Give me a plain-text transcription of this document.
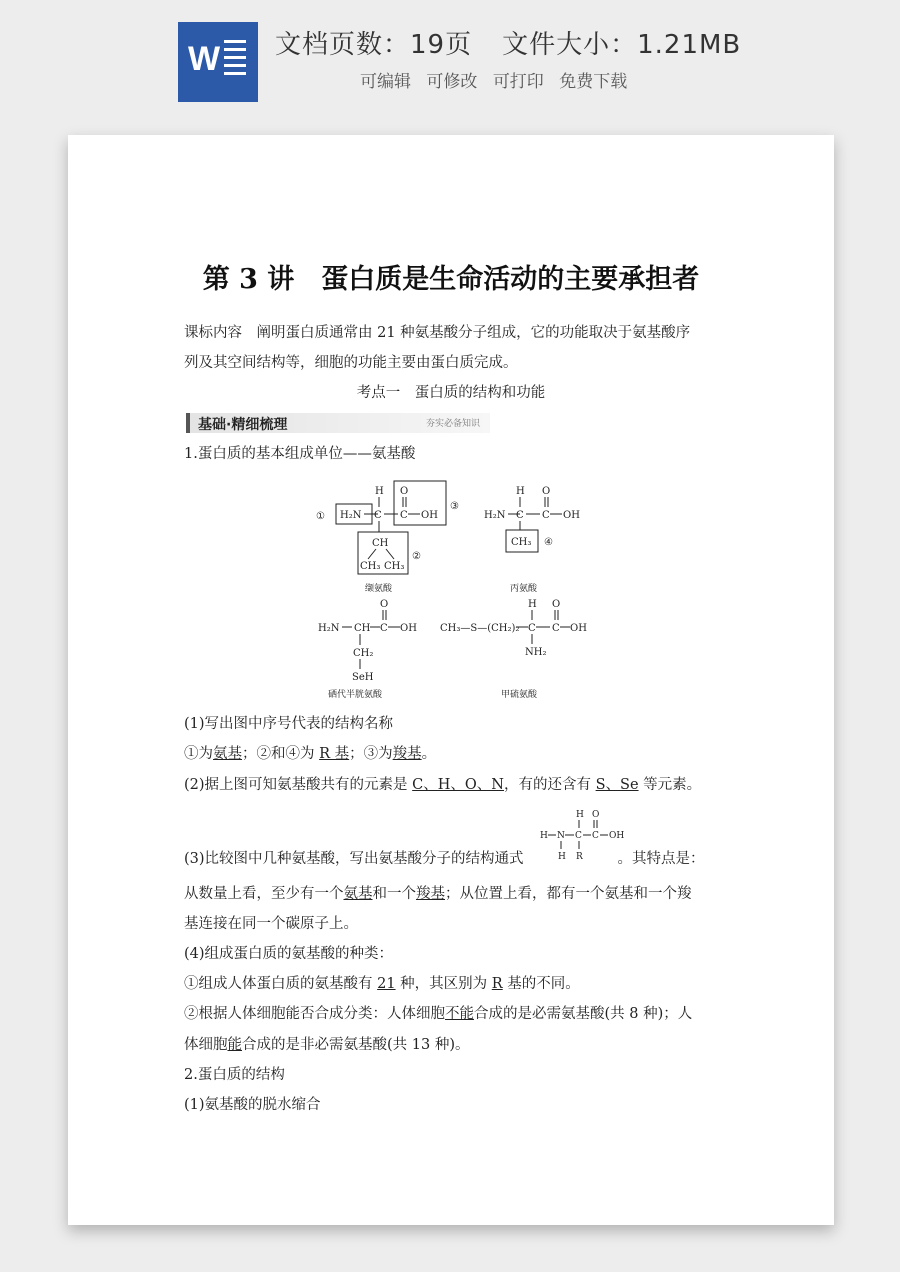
W 文档页数：19页 文件大小：1.21MB
可编辑 可修改 可打印 免费下载
第 3 讲　蛋白质是生命活动的主要承担者
课标内容　阐明蛋白质通常由 21 种氨基酸分子组成，它的功能取决于氨基酸序
列及其空间结构等，细胞的功能主要由蛋白质完成。
考点一　蛋白质的结构和功能
基础·精细梳理	夯实必备知识
1.蛋白质的基本组成单位——氨基酸
① H₂N
H
C
O
C OH
③
CH
CH₃ CH₃
②
缬氨酸
H₂N
H
C
O
C OH
CH₃ ④
丙氨酸
H₂N CH
O
C OH
CH₂
SeH
硒代半胱氨酸
CH₃—S—(CH₂)₂
H
C
O
C OH
NH₂
甲硫氨酸
(1)写出图中序号代表的结构名称
①为氨基；②和④为 R 基；③为羧基。
(2)据上图可知氨基酸共有的元素是 C、H、O、N，有的还含有 S、Se 等元素。
H O
H N C C OH
H R
(3)比较图中几种氨基酸，写出氨基酸分子的结构通式	。其特点是：
从数量上看，至少有一个氨基和一个羧基；从位置上看，都有一个氨基和一个羧
基连接在同一个碳原子上。
(4)组成蛋白质的氨基酸的种类：
①组成人体蛋白质的氨基酸有 21 种，其区别为 R 基的不同。
②根据人体细胞能否合成分类：人体细胞不能合成的是必需氨基酸(共 8 种)；人
体细胞能合成的是非必需氨基酸(共 13 种)。
2.蛋白质的结构
(1)氨基酸的脱水缩合
